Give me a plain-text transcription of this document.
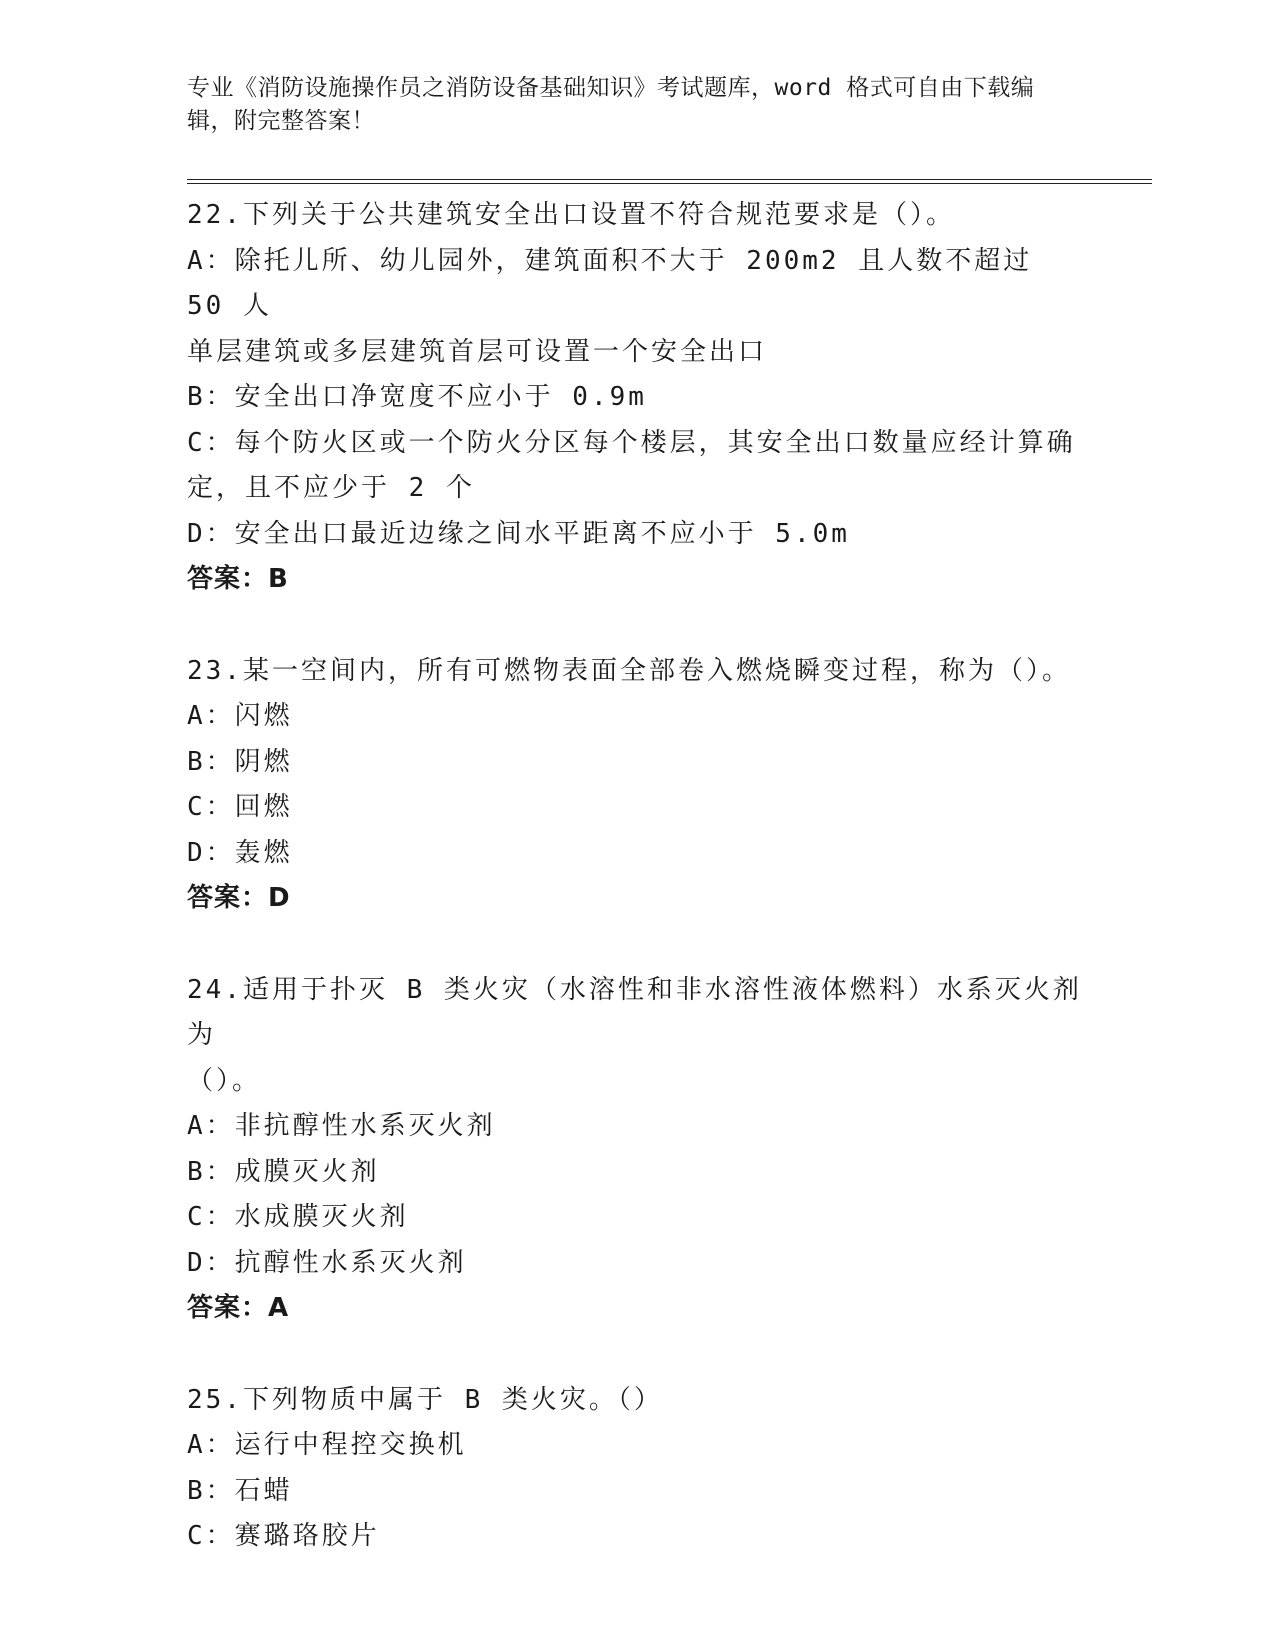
专业《消防设施操作员之消防设备基础知识》考试题库，word 格式可自由下载编
辑，附完整答案！
22.下列关于公共建筑安全出口设置不符合规范要求是（）。
A：除托儿所、幼儿园外，建筑面积不大于 200m2 且人数不超过 50 人
单层建筑或多层建筑首层可设置一个安全出口
B：安全出口净宽度不应小于 0.9m
C：每个防火区或一个防火分区每个楼层，其安全出口数量应经计算确
定，且不应少于 2 个
D：安全出口最近边缘之间水平距离不应小于 5.0m
答案：B
23.某一空间内，所有可燃物表面全部卷入燃烧瞬变过程，称为（）。
A：闪燃
B：阴燃
C：回燃
D：轰燃
答案：D
24.适用于扑灭 B 类火灾（水溶性和非水溶性液体燃料）水系灭火剂为
（）。
A：非抗醇性水系灭火剂
B：成膜灭火剂
C：水成膜灭火剂
D：抗醇性水系灭火剂
答案：A
25.下列物质中属于 B 类火灾。（）
A：运行中程控交换机
B：石蜡
C：赛璐珞胶片
